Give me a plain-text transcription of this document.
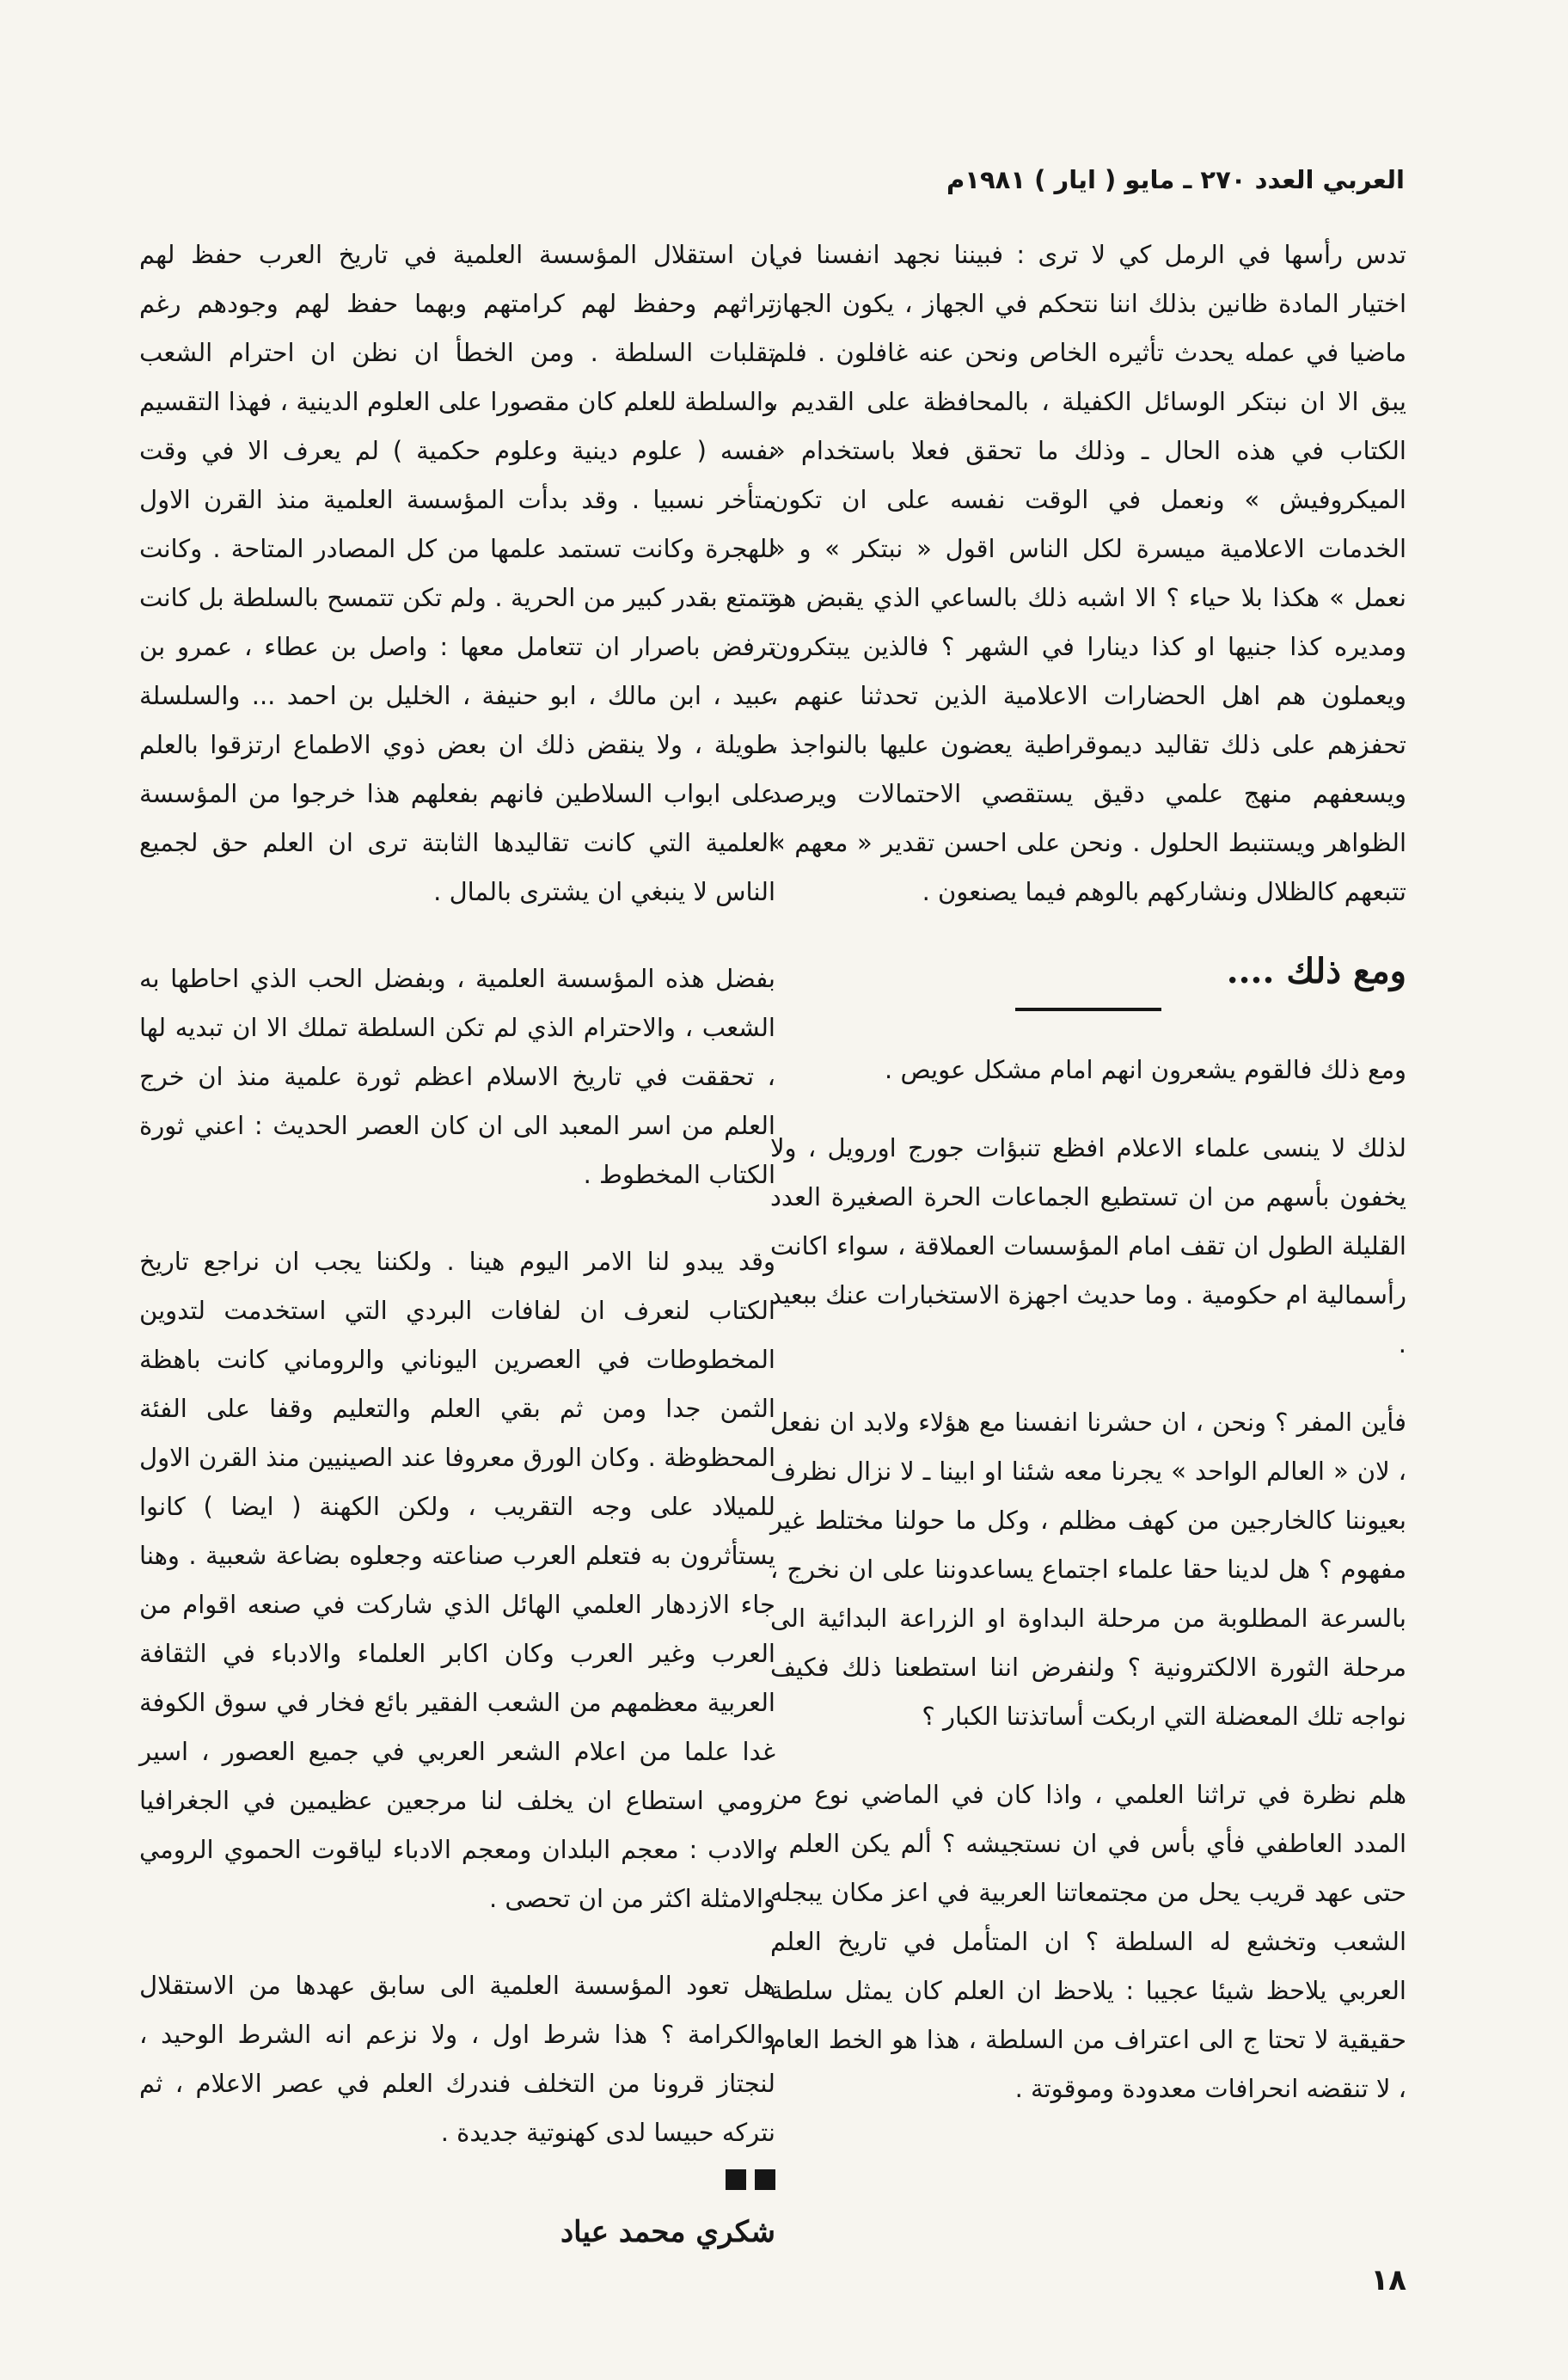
العربي العدد ٢٧٠ ـ مايو ( ايار ) ١٩٨١م

تدس رأسها في الرمل كي لا ترى : فبيننا نجهد انفسنا في اختيار المادة ظانين بذلك اننا نتحكم في الجهاز ، يكون الجهاز ماضيا في عمله يحدث تأثيره الخاص ونحن عنه غافلون . فلم يبق الا ان نبتكر الوسائل الكفيلة ، بالمحافظة على القديم ، الكتاب في هذه الحال ـ وذلك ما تحقق فعلا باستخدام « الميكروفيش » ونعمل في الوقت نفسه على ان تكون الخدمات الاعلامية ميسرة لكل الناس اقول « نبتكر » و « نعمل » هكذا بلا حياء ؟ الا اشبه ذلك بالساعي الذي يقبض هو ومديره كذا جنيها او كذا دينارا في الشهر ؟ فالذين يبتكرون ويعملون هم اهل الحضارات الاعلامية الذين تحدثنا عنهم ، تحفزهم على ذلك تقاليد ديموقراطية يعضون عليها بالنواجذ ، ويسعفهم منهج علمي دقيق يستقصي الاحتمالات ويرصد الظواهر ويستنبط الحلول . ونحن على احسن تقدير « معهم » تتبعهم كالظلال ونشاركهم بالوهم فيما يصنعون .

ومع ذلك ....

ومع ذلك فالقوم يشعرون انهم امام مشكل عويص .

لذلك لا ينسى علماء الاعلام افظع تنبؤات جورج اورويل ، ولا يخفون بأسهم من ان تستطيع الجماعات الحرة الصغيرة العدد القليلة الطول ان تقف امام المؤسسات العملاقة ، سواء اكانت رأسمالية ام حكومية . وما حديث اجهزة الاستخبارات عنك ببعيد .

فأين المفر ؟ ونحن ، ان حشرنا انفسنا مع هؤلاء ولابد ان نفعل ، لان « العالم الواحد » يجرنا معه شئنا او ابينا ـ لا نزال نظرف بعيوننا كالخارجين من كهف مظلم ، وكل ما حولنا مختلط غير مفهوم ؟ هل لدينا حقا علماء اجتماع يساعدوننا على ان نخرج ، بالسرعة المطلوبة من مرحلة البداوة او الزراعة البدائية الى مرحلة الثورة الالكترونية ؟ ولنفرض اننا استطعنا ذلك فكيف نواجه تلك المعضلة التي اربكت أساتذتنا الكبار ؟

هلم نظرة في تراثنا العلمي ، واذا كان في الماضي نوع من المدد العاطفي فأي بأس في ان نستجيشه ؟ ألم يكن العلم ، حتى عهد قريب يحل من مجتمعاتنا العربية في اعز مكان يبجله الشعب وتخشع له السلطة ؟ ان المتأمل في تاريخ العلم العربي يلاحظ شيئا عجيبا : يلاحظ ان العلم كان يمثل سلطة حقيقية لا تحتا ج الى اعتراف من السلطة ، هذا هو الخط العام ، لا تنقضه انحرافات معدودة وموقوتة .

ان استقلال المؤسسة العلمية في تاريخ العرب حفظ لهم تراثهم وحفظ لهم كرامتهم وبهما حفظ لهم وجودهم رغم تقلبات السلطة . ومن الخطأ ان نظن ان احترام الشعب والسلطة للعلم كان مقصورا على العلوم الدينية ، فهذا التقسيم نفسه ( علوم دينية وعلوم حكمية ) لم يعرف الا في وقت متأخر نسبيا . وقد بدأت المؤسسة العلمية منذ القرن الاول للهجرة وكانت تستمد علمها من كل المصادر المتاحة . وكانت تتمتع بقدر كبير من الحرية . ولم تكن تتمسح بالسلطة بل كانت ترفض باصرار ان تتعامل معها : واصل بن عطاء ، عمرو بن عبيد ، ابن مالك ، ابو حنيفة ، الخليل بن احمد ... والسلسلة طويلة ، ولا ينقض ذلك ان بعض ذوي الاطماع ارتزقوا بالعلم على ابواب السلاطين فانهم بفعلهم هذا خرجوا من المؤسسة العلمية التي كانت تقاليدها الثابتة ترى ان العلم حق لجميع الناس لا ينبغي ان يشترى بالمال .

بفضل هذه المؤسسة العلمية ، وبفضل الحب الذي احاطها به الشعب ، والاحترام الذي لم تكن السلطة تملك الا ان تبديه لها ، تحققت في تاريخ الاسلام اعظم ثورة علمية منذ ان خرج العلم من اسر المعبد الى ان كان العصر الحديث : اعني ثورة الكتاب المخطوط .

وقد يبدو لنا الامر اليوم هينا . ولكننا يجب ان نراجع تاريخ الكتاب لنعرف ان لفافات البردي التي استخدمت لتدوين المخطوطات في العصرين اليوناني والروماني كانت باهظة الثمن جدا ومن ثم بقي العلم والتعليم وقفا على الفئة المحظوظة . وكان الورق معروفا عند الصينيين منذ القرن الاول للميلاد على وجه التقريب ، ولكن الكهنة ( ايضا ) كانوا يستأثرون به فتعلم العرب صناعته وجعلوه بضاعة شعبية . وهنا جاء الازدهار العلمي الهائل الذي شاركت في صنعه اقوام من العرب وغير العرب وكان اكابر العلماء والادباء في الثقافة العربية معظمهم من الشعب الفقير بائع فخار في سوق الكوفة غدا علما من اعلام الشعر العربي في جميع العصور ، اسير رومي استطاع ان يخلف لنا مرجعين عظيمين في الجغرافيا والادب : معجم البلدان ومعجم الادباء لياقوت الحموي الرومي والامثلة اكثر من ان تحصى .

هل تعود المؤسسة العلمية الى سابق عهدها من الاستقلال والكرامة ؟ هذا شرط اول ، ولا نزعم انه الشرط الوحيد ، لنجتاز قرونا من التخلف فندرك العلم في عصر الاعلام ، ثم نتركه حبيسا لدى كهنوتية جديدة .

شكري محمد عياد
١٨
